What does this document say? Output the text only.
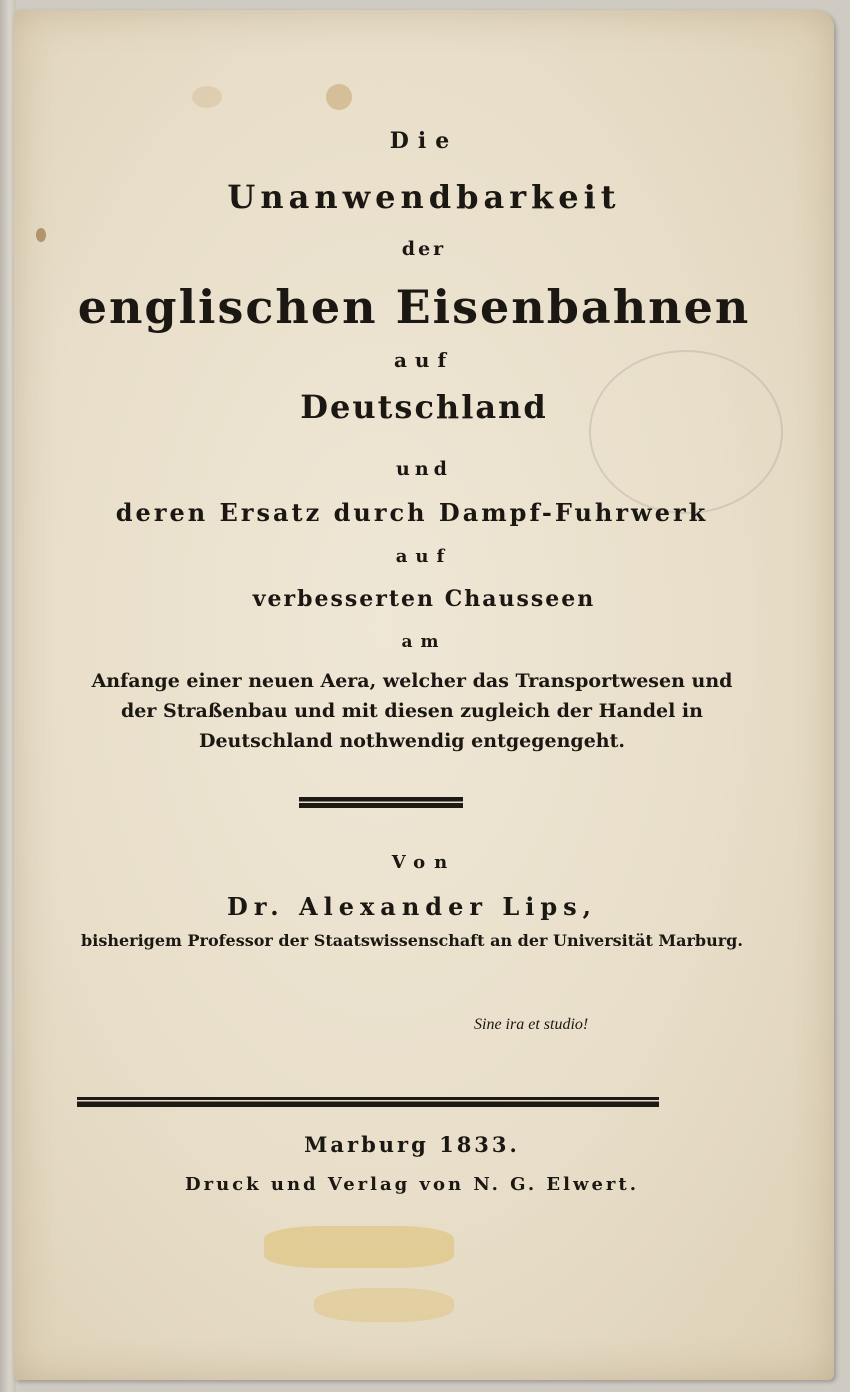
Die
Unanwendbarkeit
der
englischen Eisenbahnen
auf
Deutschland
und
deren Ersatz durch Dampf-Fuhrwerk
auf
verbesserten Chausseen
am
Anfange einer neuen Aera, welcher das Transportwesen und
der Straßenbau und mit diesen zugleich der Handel in
Deutschland nothwendig entgegengeht.
Von
Dr. Alexander Lips,
bisherigem Professor der Staatswissenschaft an der Universität Marburg.
Sine ira et studio!
Marburg 1833.
Druck und Verlag von N. G. Elwert.
